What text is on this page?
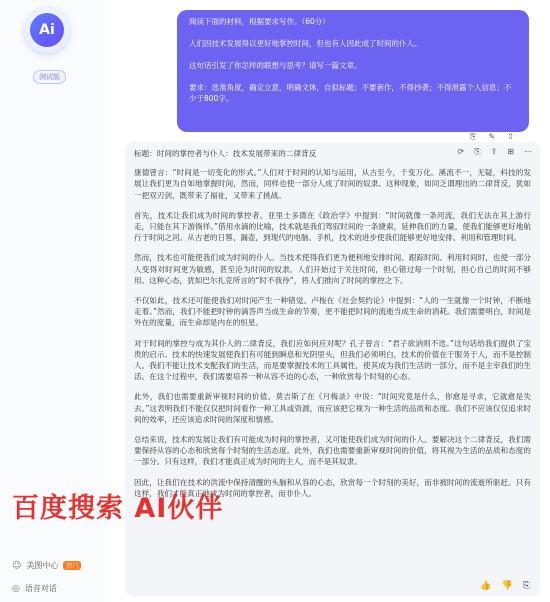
Ai
测试版
☺ 美图中心	热门
◎ 语音对话

阅读下面的材料，根据要求写作。（60分）

人们因技术发展得以更好地掌控时间，但也有人因此成了时间的仆人。

这句话引发了你怎样的联想与思考？请写一篇文章。

要求：选准角度，确定立意，明确文体，自拟标题；不要套作，不得抄袭；不得泄露个人信息；不少于800字。

⎘ ✎ ⇧
⟳ ⎘ ⇪ ⊞ ⋯
标题：时间的掌控者与仆人：技术发展带来的二律背反

康德曾言：“时间是一切变化的形式。”人们对于时间的认知与运用，从古至今，千变万化。溪流不一，无疑，科技的发展让我们更为自如地掌握时间，然而，同样也使一部分人成了时间的奴隶。这种现象，如同乏谓理出的二律背反，犹如一把双刃剑，既带来了福祉，又带来了挑战。

首先，技术让我们成为时间的掌控者。亚里士多德在《政治学》中提到：“时间就像一条河流，我们无法在其上游行走，只能在其下游徜徉。”借用水滴的比喻，技术就是我们驾驭时间的一条捷索，延伸我们的力量，使我们能够更好地航行于时间之河。从古老的日晷、漏壶，到现代的电脑、手机，技术的进步使我们能够更好地安排、利用和管理时间。

然而，技术也可能使我们成为时间的仆人。当技术使得我们更为便利地安排时间、跟踪时间、利用时间时，也使一部分人变得对时间更为敏感，甚至沦为时间的奴隶。人们开始过于关注时间，担心错过每一个时刻，担心自己的时间不够用。这种心态，犹如巴尔扎克所言的“时不我待”，将人们推向了时间的掌控之下。

不仅如此，技术还可能使我们对时间产生一种错觉。卢梭在《社会契约论》中提到：“人的一生就像一个时钟，不断地走着。”然而，我们不能把时钟的滴答声当成生命的节奏，更不能把时间的流逝当成生命的消耗。我们需要明白，时间是外在的度量，而生命却是内在的恒星。

对于时间的掌控与成为其仆人的二律背反，我们应如何应对呢？孔子曾言：“君子欲讷则不迭。”这句话给我们提供了宝贵的启示。技术的快速发展使我们有可能到瞬息和光阴里头，但我们必须明白，技术的价值在于服务于人，而不是控制人。我们不能让技术支配我们的生活，而是要掌握技术的工具属性，使其成为我们生活的一部分，而不是主宰我们的生活。在这个过程中，我们需要培养一种从容不迫的心态，一种欣赏每个时刻的心态。

此外，我们也需要重新审视时间的价值。莫吉斯了在《月梅录》中说：“时间究竟是什么，你愈是寻求，它就愈是失去。”这表明我们不能仅仅把时间看作一种工具或资源，而应该把它视为一种生活的品质和态度。我们不应该仅仅追求时间的效率，还应该追求时间的深度和情感。

总结来说，技术的发展让我们有可能成为时间的掌控者，又可能使我们成为时间的仆人。要解决这个二律背反，我们需要保持从容的心态和欣赏每个时刻的生活态度。此外，我们也需要重新审视时间的价值，将其视为生活的品质和态度的一部分。只有这样，我们才能真正成为时间的主人，而不是其奴隶。

因此，让我们在技术的洪流中保持清醒的头脑和从容的心态，欣赏每一个时刻的美好，而非被时间的流逝所驱赶。只有这样，我们才能真正地成为时间的掌控者，而非仆人。

👍 👎 ⎘
百度搜索 AI伙伴
